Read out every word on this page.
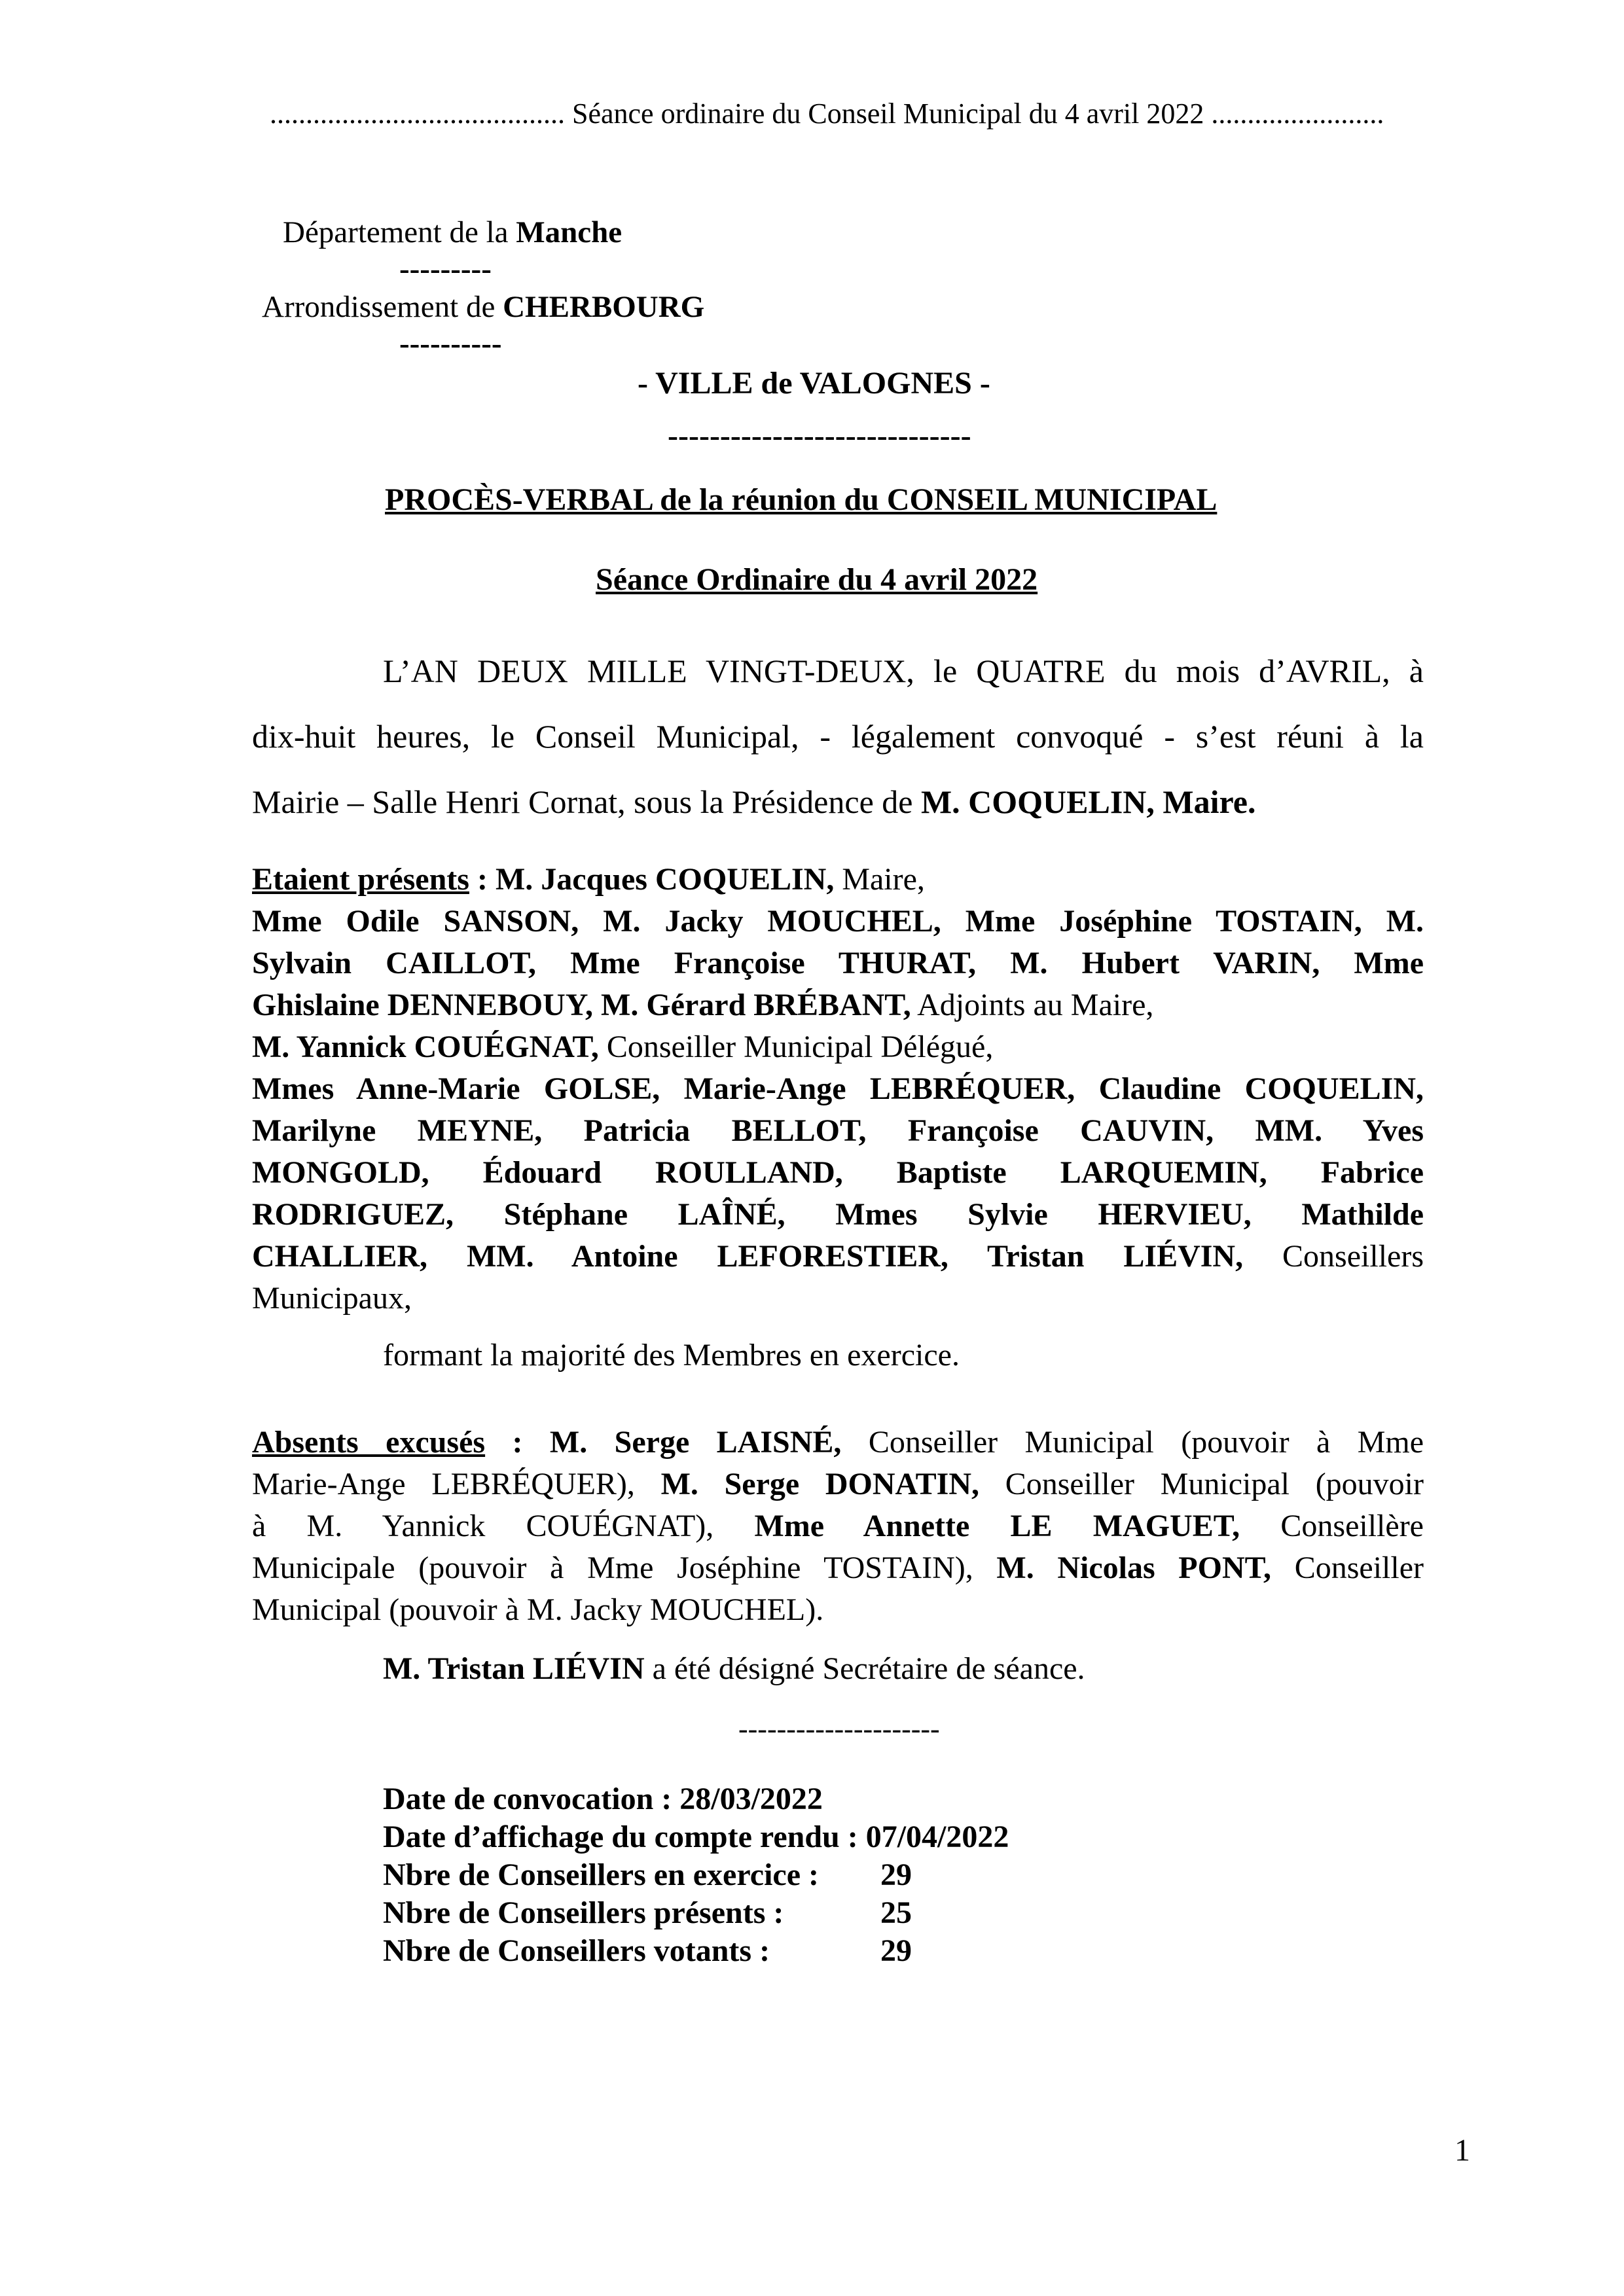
......................................... Séance ordinaire du Conseil Municipal du 4 avril 2022 ........................
Département de la Manche
---------
Arrondissement de CHERBOURG
----------
- VILLE de VALOGNES -
-----------------------------
PROCÈS-VERBAL de la réunion du CONSEIL MUNICIPAL
Séance Ordinaire du 4 avril 2022
L’AN DEUX MILLE VINGT-DEUX, le QUATRE du mois d’AVRIL, à
dix-huit heures, le Conseil Municipal, - légalement convoqué - s’est réuni à la
Mairie – Salle Henri Cornat, sous la Présidence de M. COQUELIN, Maire.
Etaient présents : M. Jacques COQUELIN, Maire,
Mme Odile SANSON, M. Jacky MOUCHEL, Mme Joséphine TOSTAIN, M.
Sylvain CAILLOT, Mme Françoise THURAT, M. Hubert VARIN, Mme
Ghislaine DENNEBOUY, M. Gérard BRÉBANT, Adjoints au Maire,
M. Yannick COUÉGNAT, Conseiller Municipal Délégué,
Mmes Anne-Marie GOLSE, Marie-Ange LEBRÉQUER, Claudine COQUELIN,
Marilyne MEYNE, Patricia BELLOT, Françoise CAUVIN, MM. Yves
MONGOLD, Édouard ROULLAND, Baptiste LARQUEMIN, Fabrice
RODRIGUEZ, Stéphane LAÎNÉ, Mmes Sylvie HERVIEU, Mathilde
CHALLIER, MM. Antoine LEFORESTIER, Tristan LIÉVIN, Conseillers
Municipaux,
formant la majorité des Membres en exercice.
Absents excusés : M. Serge LAISNÉ, Conseiller Municipal (pouvoir à Mme
Marie-Ange LEBRÉQUER), M. Serge DONATIN, Conseiller Municipal (pouvoir
à M. Yannick COUÉGNAT), Mme Annette LE MAGUET, Conseillère
Municipale (pouvoir à Mme Joséphine TOSTAIN), M. Nicolas PONT, Conseiller
Municipal (pouvoir à M. Jacky MOUCHEL).
M. Tristan LIÉVIN a été désigné Secrétaire de séance.
---------------------
Date de convocation : 28/03/2022
Date d’affichage du compte rendu : 07/04/2022
Nbre de Conseillers en exercice : 29
Nbre de Conseillers présents :	25
Nbre de Conseillers votants :	29
1
